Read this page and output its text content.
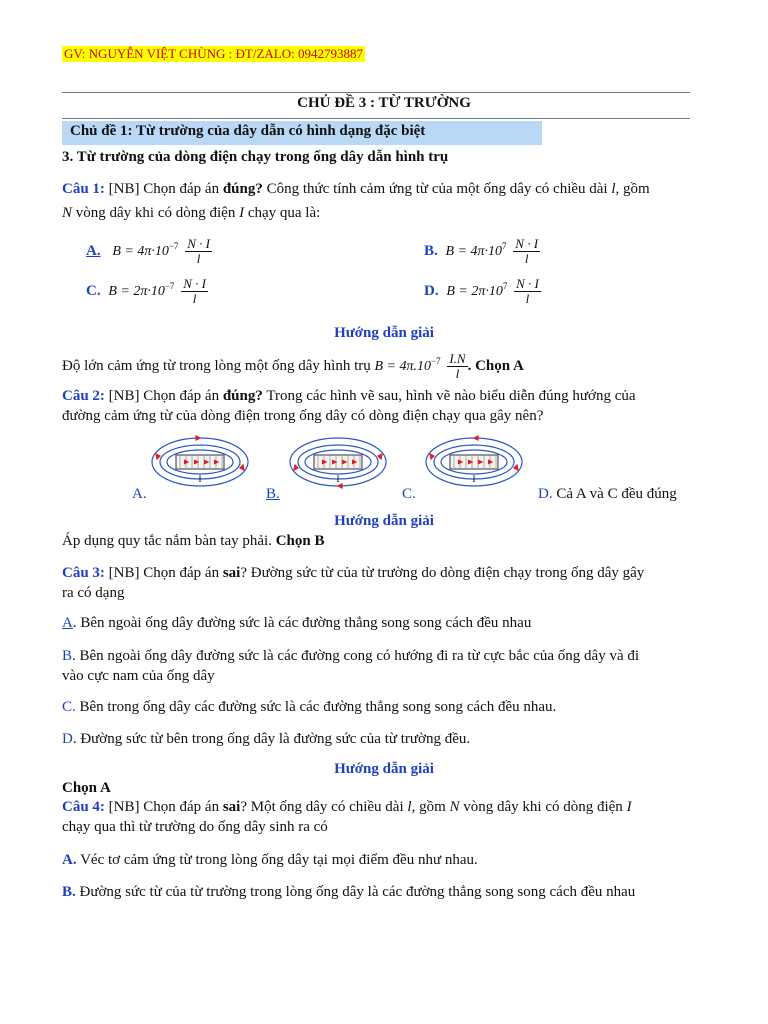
GV: NGUYỄN VIỆT CHÙNG : ĐT/ZALO: 0942793887
CHỦ ĐỀ 3 : TỪ TRƯỜNG
Chủ đề 1: Từ trường của dây dẫn có hình dạng đặc biệt
3. Từ trường của dòng điện chạy trong ống dây dẫn hình trụ
Câu 1: [NB] Chọn đáp án đúng? Công thức tính cảm ứng từ của một ống dây có chiều dài l, gồm
N vòng dây khi có dòng điện I chạy qua là:
A. $B = 4\pi\cdot 10^{-7} \frac{N \cdot I}{l}$	B. $B = 4\pi\cdot 10^7 \frac{N \cdot I}{l}$
C. $B = 2\pi\cdot 10^{-7} \frac{N \cdot I}{l}$	D. $B = 2\pi\cdot 10^7 \frac{N \cdot I}{l}$
Hướng dẫn giải
Độ lớn cảm ứng từ trong lòng một ống dây hình trụ $B = 4\pi.10^{-7} \frac{I.N}{l}$ . Chọn A
Câu 2: [NB] Chọn đáp án đúng? Trong các hình vẽ sau, hình vẽ nào biểu diễn đúng hướng của
đường cảm ứng từ của dòng điện trong ống dây có dòng điện chạy qua gây nên?
I
A.
I
B.
I
C.	D. Cả A và C đều đúng
Hướng dẫn giải
Áp dụng quy tắc nắm bàn tay phải. Chọn B
Câu 3: [NB] Chọn đáp án sai? Đường sức từ của từ trường do dòng điện chạy trong ống dây gây
ra có dạng
A. Bên ngoài ống dây đường sức là các đường thẳng song song cách đều nhau
B. Bên ngoài ống dây đường sức là các đường cong có hướng đi ra từ cực bắc của ống dây và đi
vào cực nam của ống dây
C. Bên trong ống dây các đường sức là các đường thẳng song song cách đều nhau.
D. Đường sức từ bên trong ống dây là đường sức của từ trường đều.
Hướng dẫn giải
Chọn A
Câu 4: [NB] Chọn đáp án sai? Một ống dây có chiều dài l, gồm N vòng dây khi có dòng điện I
chạy qua thì từ trường do ống dây sinh ra có
A. Véc tơ cảm ứng từ trong lòng ống dây tại mọi điểm đều như nhau.
B. Đường sức từ của từ trường trong lòng ống dây là các đường thẳng song song cách đều nhau
